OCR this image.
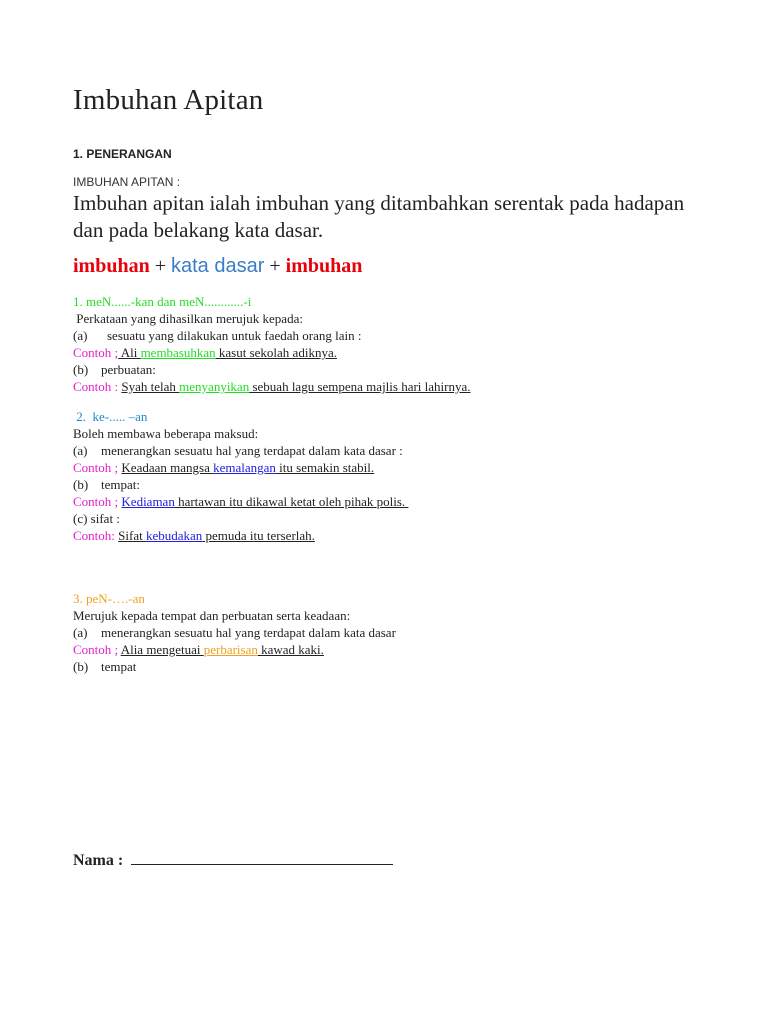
Imbuhan Apitan
1. PENERANGAN
IMBUHAN APITAN :
Imbuhan apitan ialah imbuhan yang ditambahkan serentak pada hadapan dan pada belakang kata dasar.
imbuhan + kata dasar + imbuhan
1. meN......-kan dan meN............-i
Perkataan yang dihasilkan merujuk kepada:
(a) sesuatu yang dilakukan untuk faedah orang lain :
Contoh ; Ali membasuhkan kasut sekolah adiknya.
(b) perbuatan:
Contoh : Syah telah menyanyikan sebuah lagu sempena majlis hari lahirnya.
2.  ke-..... –an
Boleh membawa beberapa maksud:
(a) menerangkan sesuatu hal yang terdapat dalam kata dasar :
Contoh ; Keadaan mangsa kemalangan itu semakin stabil.
(b) tempat:
Contoh ; Kediaman hartawan itu dikawal ketat oleh pihak polis.
(c) sifat :
Contoh: Sifat kebudakan pemuda itu terserlah.
3. peN-….-an
Merujuk kepada tempat dan perbuatan serta keadaan:
(a) menerangkan sesuatu hal yang terdapat dalam kata dasar
Contoh ; Alia mengetuai perbarisan kawad kaki.
(b) tempat
Nama :
